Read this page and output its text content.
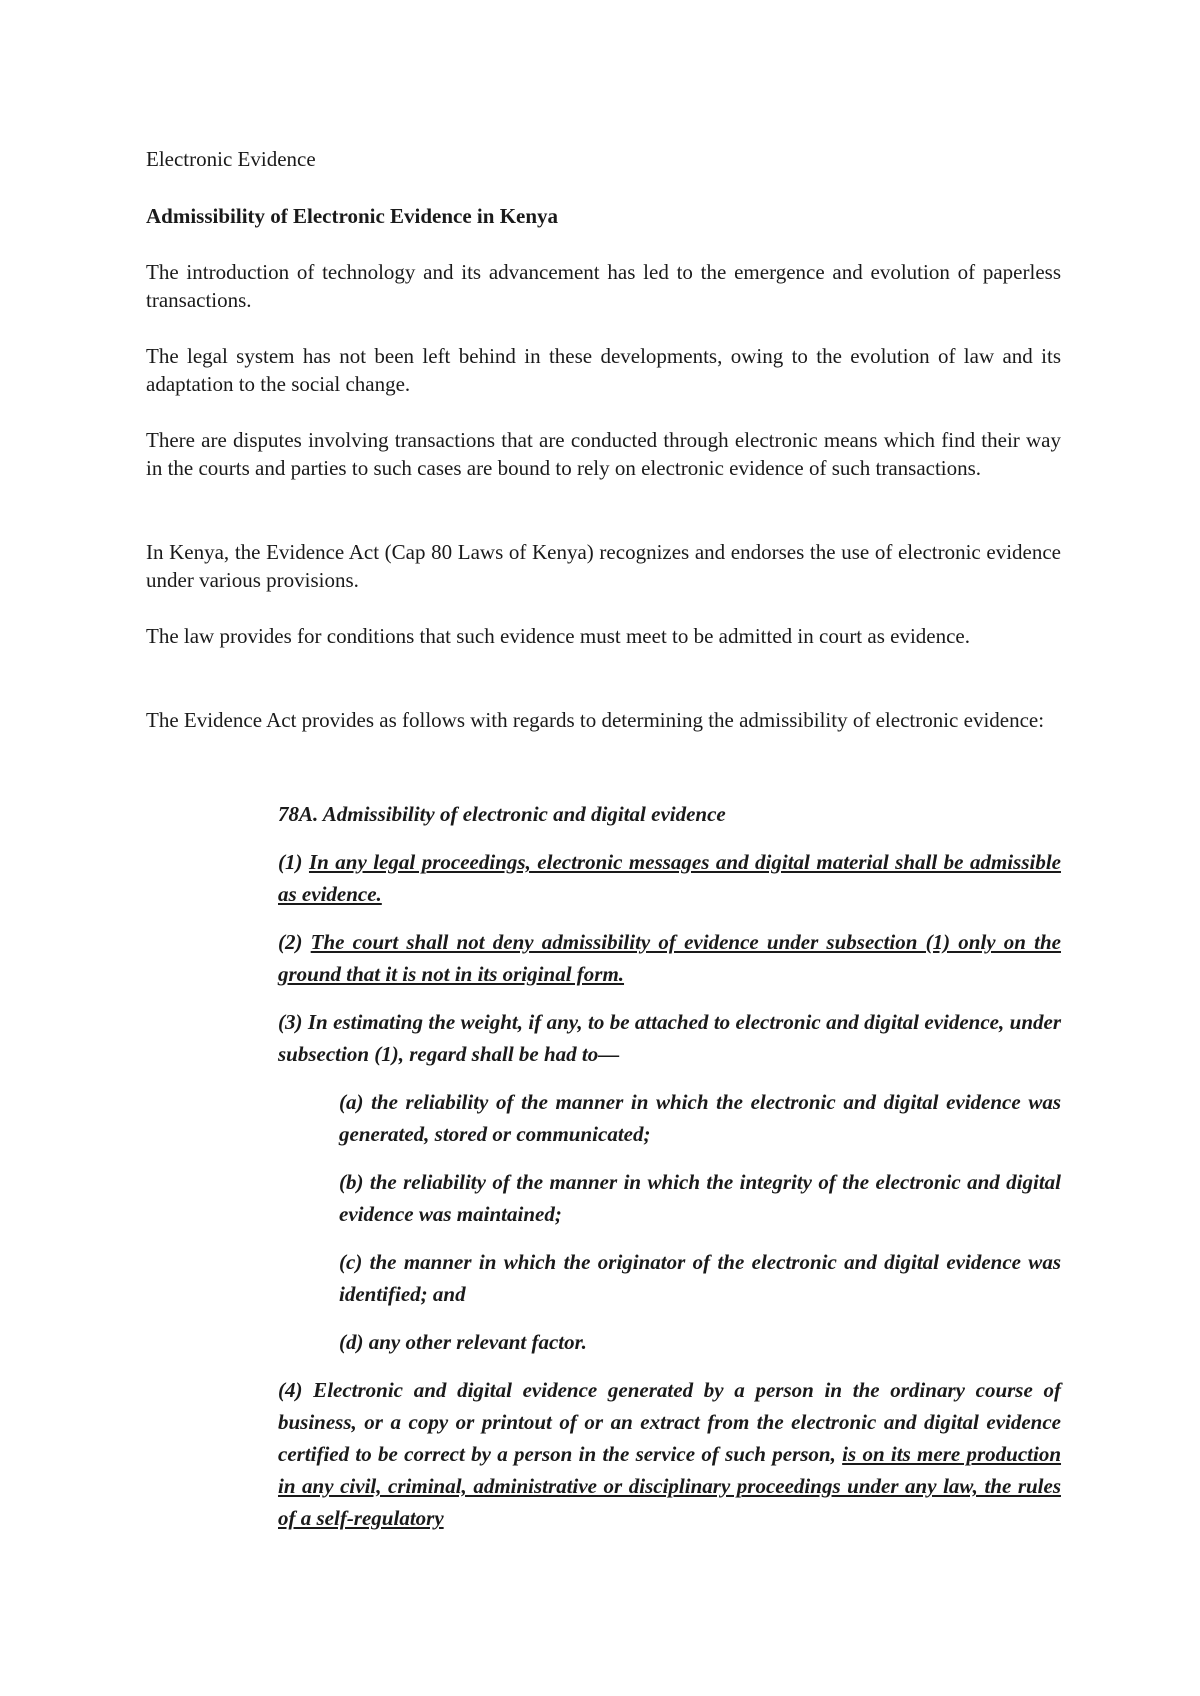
Electronic Evidence
Admissibility of Electronic Evidence in Kenya
The introduction of technology and its advancement has led to the emergence and evolution of paperless transactions.
The legal system has not been left behind in these developments, owing to the evolution of law and its adaptation to the social change.
There are disputes involving transactions that are conducted through electronic means which find their way in the courts and parties to such cases are bound to rely on electronic evidence of such transactions.
In Kenya, the Evidence Act (Cap 80 Laws of Kenya) recognizes and endorses the use of electronic evidence under various provisions.
The law provides for conditions that such evidence must meet to be admitted in court as evidence.
The Evidence Act provides as follows with regards to determining the admissibility of electronic evidence:
78A. Admissibility of electronic and digital evidence
(1) In any legal proceedings, electronic messages and digital material shall be admissible as evidence.
(2) The court shall not deny admissibility of evidence under subsection (1) only on the ground that it is not in its original form.
(3) In estimating the weight, if any, to be attached to electronic and digital evidence, under subsection (1), regard shall be had to—
(a) the reliability of the manner in which the electronic and digital evidence was generated, stored or communicated;
(b) the reliability of the manner in which the integrity of the electronic and digital evidence was maintained;
(c) the manner in which the originator of the electronic and digital evidence was identified; and
(d) any other relevant factor.
(4) Electronic and digital evidence generated by a person in the ordinary course of business, or a copy or printout of or an extract from the electronic and digital evidence certified to be correct by a person in the service of such person, is on its mere production in any civil, criminal, administrative or disciplinary proceedings under any law, the rules of a self-regulatory
